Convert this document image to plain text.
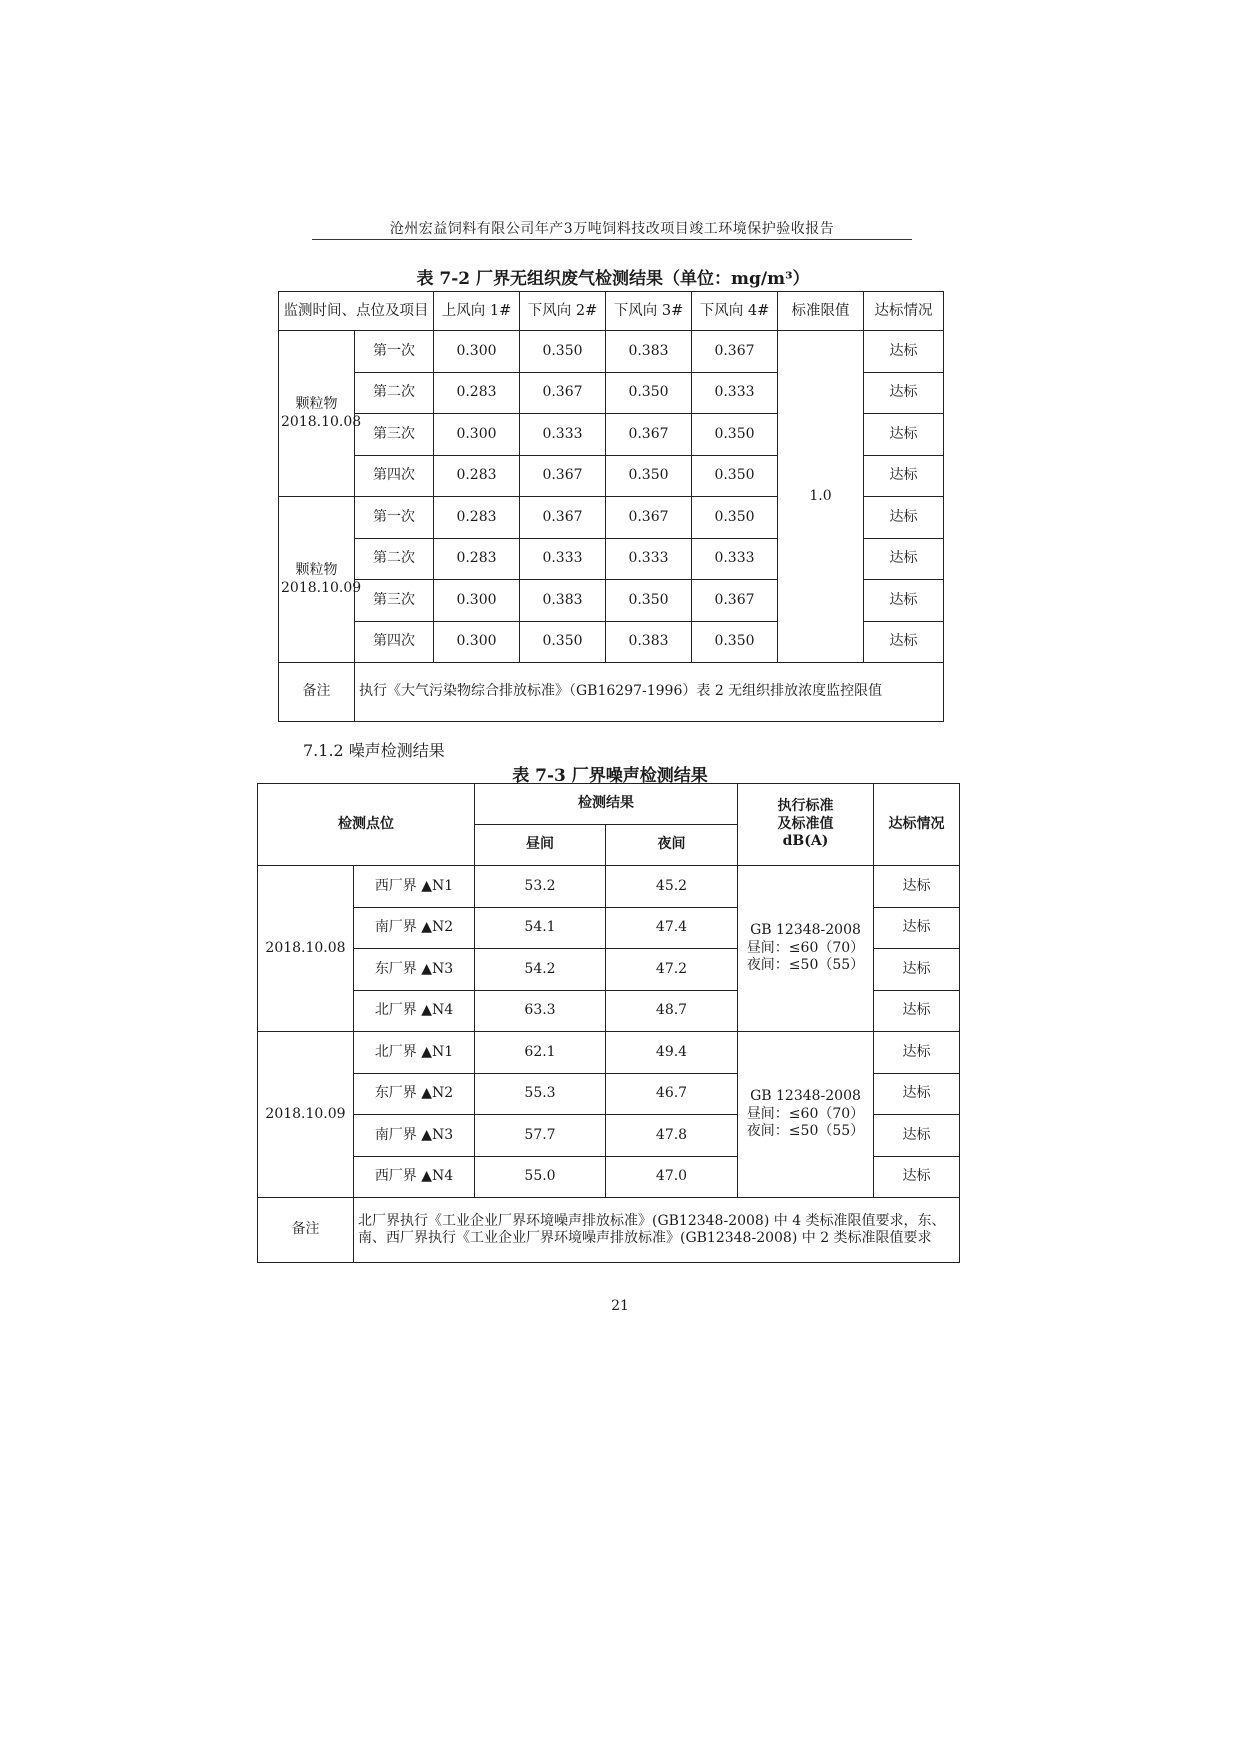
沧州宏益饲料有限公司年产3万吨饲料技改项目竣工环境保护验收报告
表 7-2 厂界无组织废气检测结果（单位：mg/m³）
监测时间、点位及项目		上风向 1#	下风向 2#	下风向 3#	下风向 4#	标准限值	达标情况
颗粒物
2018.10.08	第一次	0.300	0.350	0.383	0.367	1.0	达标
	第二次	0.283	0.367	0.350	0.333		达标
	第三次	0.300	0.333	0.367	0.350		达标
	第四次	0.283	0.367	0.350	0.350		达标
颗粒物
2018.10.09	第一次	0.283	0.367	0.367	0.350		达标
	第二次	0.283	0.333	0.333	0.333		达标
	第三次	0.300	0.383	0.350	0.367		达标
	第四次	0.300	0.350	0.383	0.350		达标
备注	执行《大气污染物综合排放标准》（GB16297-1996）表 2 无组织排放浓度监控限值						
7.1.2 噪声检测结果
表 7-3 厂界噪声检测结果
检测点位		检测结果		执行标准
及标准值
dB(A)	达标情况
		昼间	夜间		
2018.10.08	西厂界 ▲N1	53.2	45.2	GB 12348-2008
昼间：≤60（70）
夜间：≤50（55）	达标
	南厂界 ▲N2	54.1	47.4		达标
	东厂界 ▲N3	54.2	47.2		达标
	北厂界 ▲N4	63.3	48.7		达标
2018.10.09	北厂界 ▲N1	62.1	49.4	GB 12348-2008
昼间：≤60（70）
夜间：≤50（55）	达标
	东厂界 ▲N2	55.3	46.7		达标
	南厂界 ▲N3	57.7	47.8		达标
	西厂界 ▲N4	55.0	47.0		达标
备注	北厂界执行《工业企业厂界环境噪声排放标准》(GB12348-2008) 中 4 类标准限值要求，东、南、西厂界执行《工业企业厂界环境噪声排放标准》(GB12348-2008) 中 2 类标准限值要求				
21
